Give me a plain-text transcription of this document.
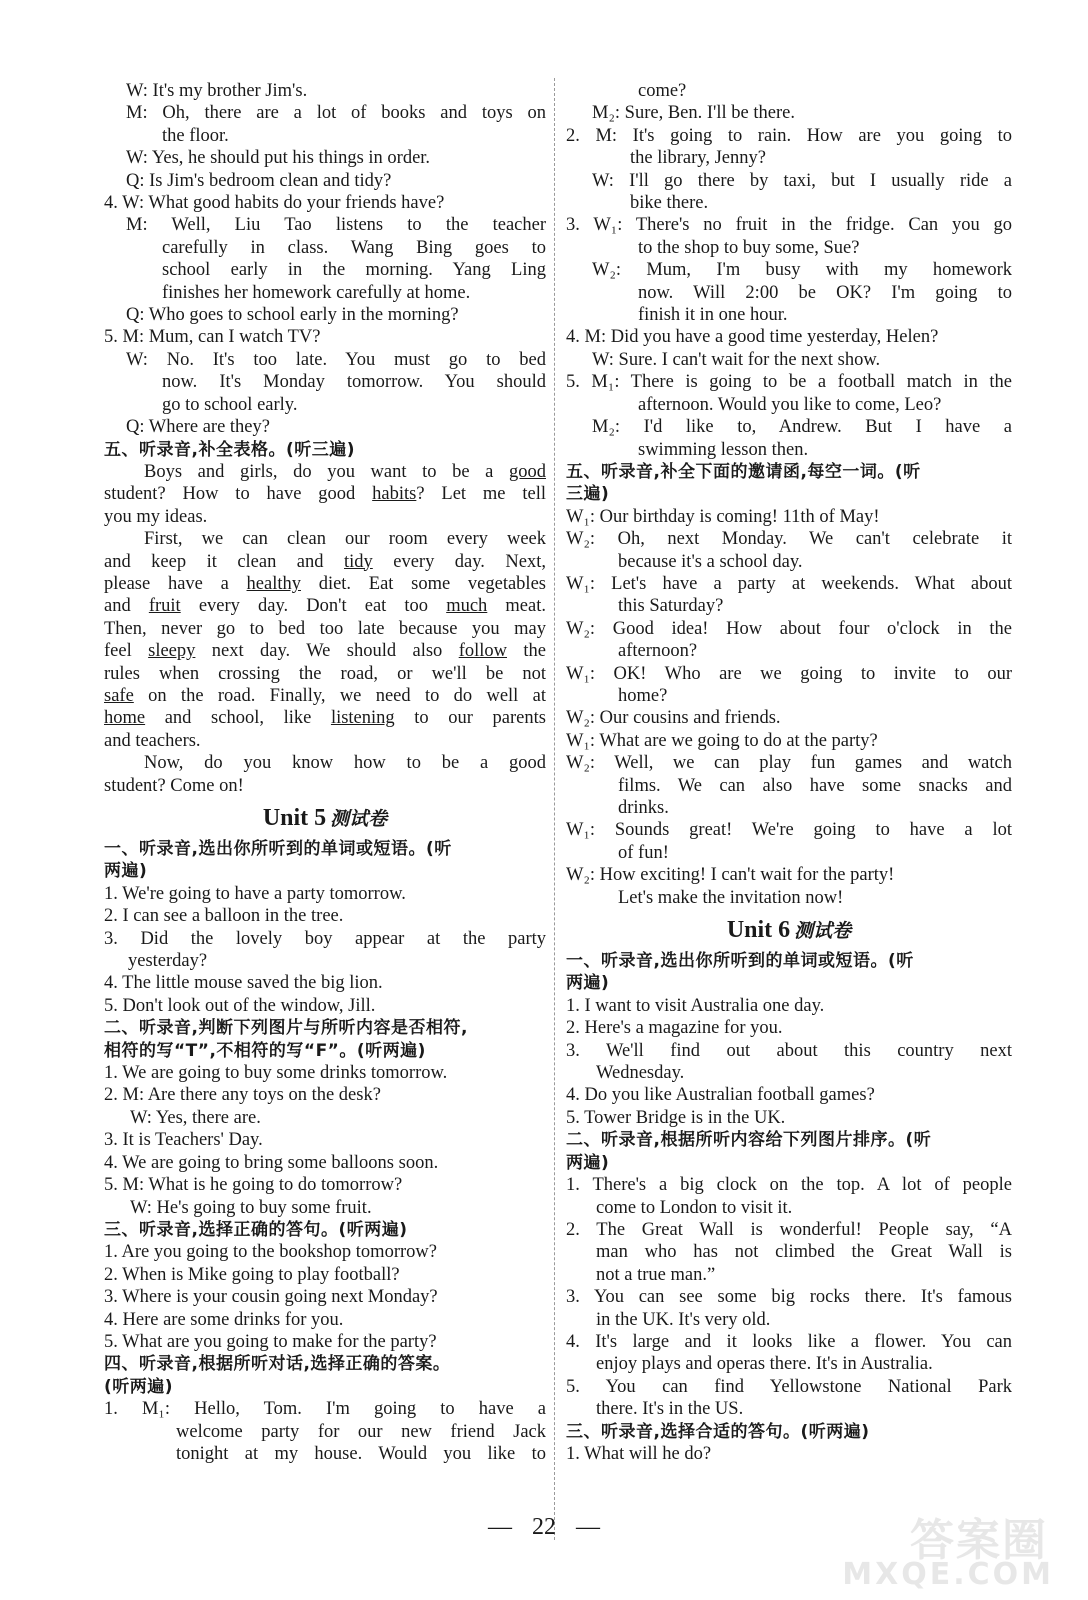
W: It's my brother Jim's.
M: Oh, there are a lot of books and toys on
the floor.
W: Yes, he should put his things in order.
Q: Is Jim's bedroom clean and tidy?
4. W: What good habits do your friends have?
M: Well, Liu Tao listens to the teacher
carefully in class. Wang Bing goes to
school early in the morning. Yang Ling
finishes her homework carefully at home.
Q: Who goes to school early in the morning?
5. M: Mum, can I watch TV?
W: No. It's too late. You must go to bed
now. It's Monday tomorrow. You should
go to school early.
Q: Where are they?
五、听录音,补全表格。(听三遍)
Boys and girls, do you want to be a good
student? How to have good habits? Let me tell
you my ideas.
First, we can clean our room every week
and keep it clean and tidy every day. Next,
please have a healthy diet. Eat some vegetables
and fruit every day. Don't eat too much meat.
Then, never go to bed too late because you may
feel sleepy next day. We should also follow the
rules when crossing the road, or we'll be not
safe on the road. Finally, we need to do well at
home and school, like listening to our parents
and teachers.
Now, do you know how to be a good
student? Come on!
Unit 5 测试卷
一、听录音,选出你所听到的单词或短语。(听
两遍)
1. We're going to have a party tomorrow.
2. I can see a balloon in the tree.
3. Did the lovely boy appear at the party
yesterday?
4. The little mouse saved the big lion.
5. Don't look out of the window, Jill.
二、听录音,判断下列图片与所听内容是否相符,
相符的写“T”,不相符的写“F”。(听两遍)
1. We are going to buy some drinks tomorrow.
2. M: Are there any toys on the desk?
W: Yes, there are.
3. It is Teachers' Day.
4. We are going to bring some balloons soon.
5. M: What is he going to do tomorrow?
W: He's going to buy some fruit.
三、听录音,选择正确的答句。(听两遍)
1. Are you going to the bookshop tomorrow?
2. When is Mike going to play football?
3. Where is your cousin going next Monday?
4. Here are some drinks for you.
5. What are you going to make for the party?
四、听录音,根据所听对话,选择正确的答案。
(听两遍)
1. M₁: Hello, Tom. I'm going to have a
welcome party for our new friend Jack
tonight at my house. Would you like to
come?
M₂: Sure, Ben. I'll be there.
2. M: It's going to rain. How are you going to
the library, Jenny?
W: I'll go there by taxi, but I usually ride a
bike there.
3. W₁: There's no fruit in the fridge. Can you go
to the shop to buy some, Sue?
W₂: Mum, I'm busy with my homework
now. Will 2:00 be OK? I'm going to
finish it in one hour.
4. M: Did you have a good time yesterday, Helen?
W: Sure. I can't wait for the next show.
5. M₁: There is going to be a football match in the
afternoon. Would you like to come, Leo?
M₂: I'd like to, Andrew. But I have a
swimming lesson then.
五、听录音,补全下面的邀请函,每空一词。(听
三遍)
W₁: Our birthday is coming! 11th of May!
W₂: Oh, next Monday. We can't celebrate it
because it's a school day.
W₁: Let's have a party at weekends. What about
this Saturday?
W₂: Good idea! How about four o'clock in the
afternoon?
W₁: OK! Who are we going to invite to our
home?
W₂: Our cousins and friends.
W₁: What are we going to do at the party?
W₂: Well, we can play fun games and watch
films. We can also have some snacks and
drinks.
W₁: Sounds great! We're going to have a lot
of fun!
W₂: How exciting! I can't wait for the party!
Let's make the invitation now!
Unit 6 测试卷
一、听录音,选出你所听到的单词或短语。(听
两遍)
1. I want to visit Australia one day.
2. Here's a magazine for you.
3. We'll find out about this country next
Wednesday.
4. Do you like Australian football games?
5. Tower Bridge is in the UK.
二、听录音,根据所听内容给下列图片排序。(听
两遍)
1. There's a big clock on the top. A lot of people
come to London to visit it.
2. The Great Wall is wonderful! People say, “A
man who has not climbed the Great Wall is
not a true man.”
3. You can see some big rocks there. It's famous
in the UK. It's very old.
4. It's large and it looks like a flower. You can
enjoy plays and operas there. It's in Australia.
5. You can find Yellowstone National Park
there. It's in the US.
三、听录音,选择合适的答句。(听两遍)
1. What will he do?
— 22 —	答案圈
MXQE.COM
